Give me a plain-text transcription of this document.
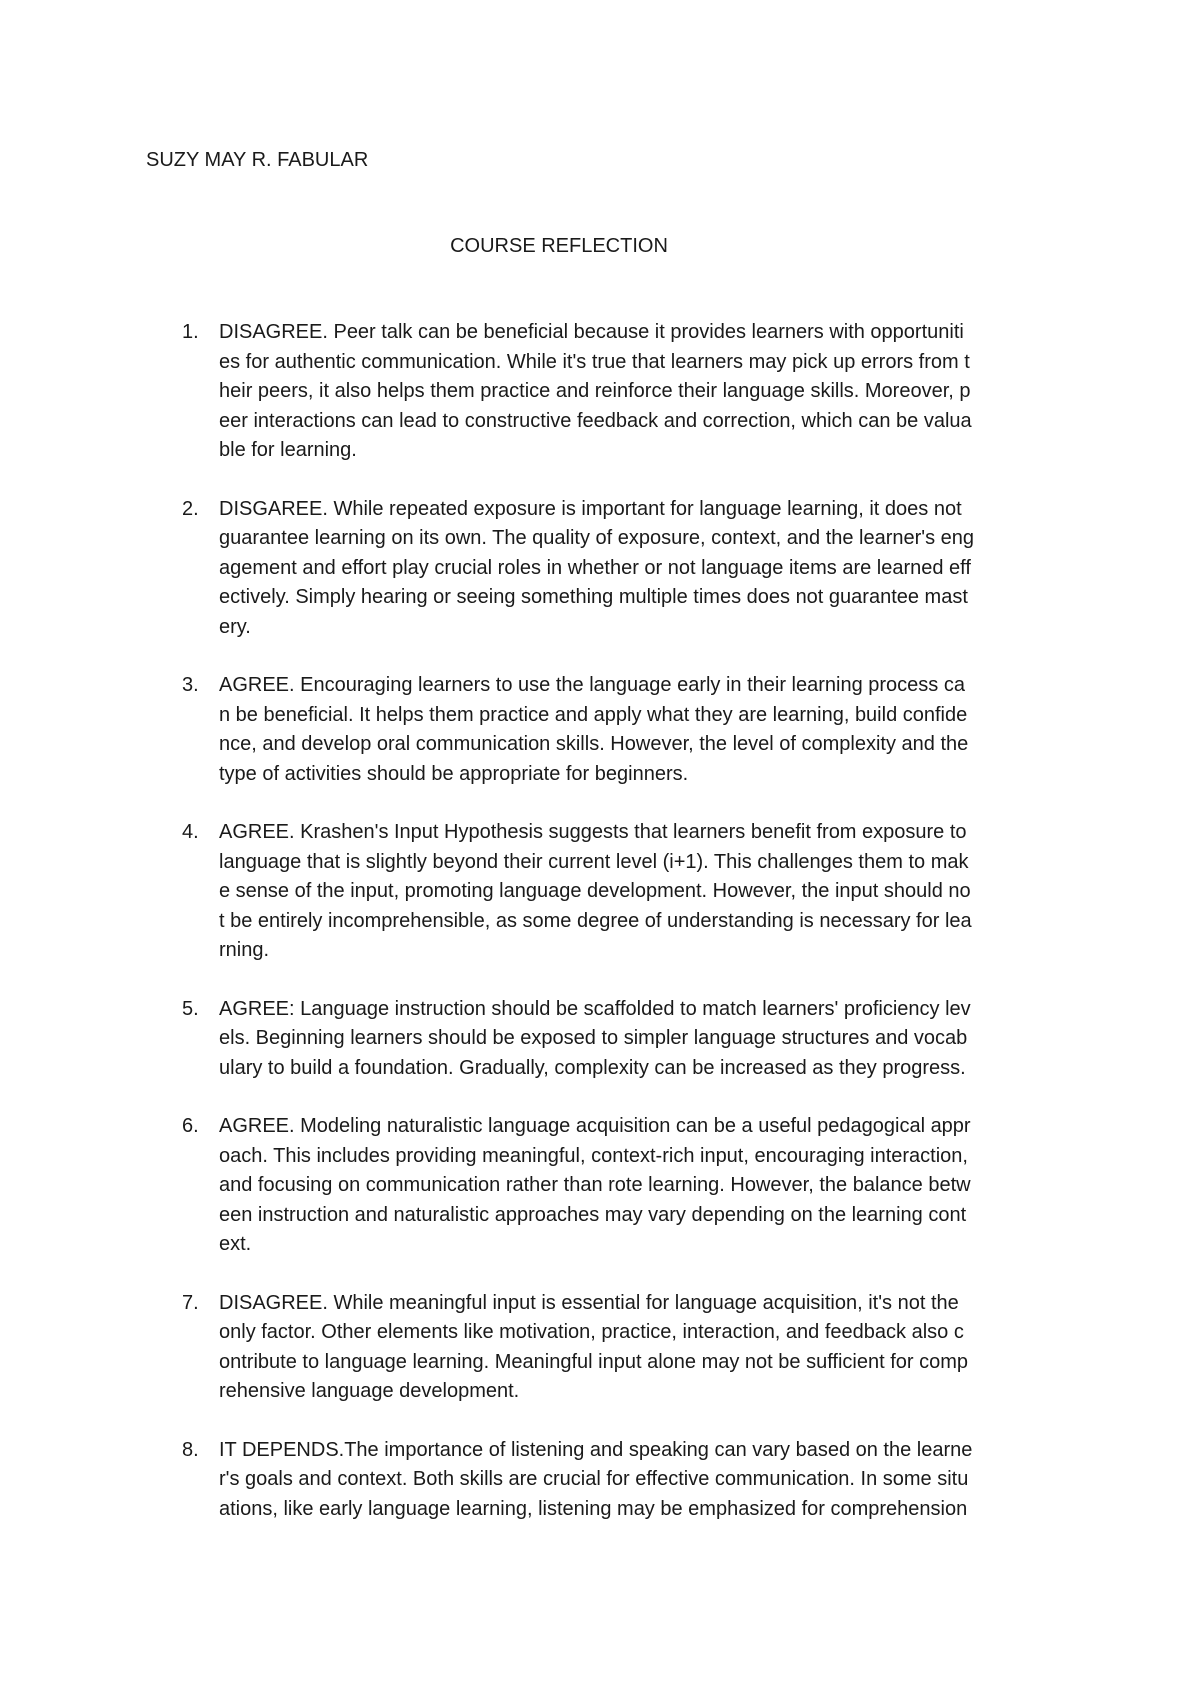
SUZY MAY R. FABULAR
COURSE REFLECTION
1. DISAGREE. Peer talk can be beneficial because it provides learners with opportuniti
es for authentic communication. While it's true that learners may pick up errors from t
heir peers, it also helps them practice and reinforce their language skills. Moreover, p
eer interactions can lead to constructive feedback and correction, which can be valua
ble for learning.
2. DISGAREE. While repeated exposure is important for language learning, it does not
guarantee learning on its own. The quality of exposure, context, and the learner's eng
agement and effort play crucial roles in whether or not language items are learned eff
ectively. Simply hearing or seeing something multiple times does not guarantee mast
ery.
3. AGREE. Encouraging learners to use the language early in their learning process ca
n be beneficial. It helps them practice and apply what they are learning, build confide
nce, and develop oral communication skills. However, the level of complexity and the
type of activities should be appropriate for beginners.
4. AGREE. Krashen's Input Hypothesis suggests that learners benefit from exposure to
language that is slightly beyond their current level (i+1). This challenges them to mak
e sense of the input, promoting language development. However, the input should no
t be entirely incomprehensible, as some degree of understanding is necessary for lea
rning.
5. AGREE: Language instruction should be scaffolded to match learners' proficiency lev
els. Beginning learners should be exposed to simpler language structures and vocab
ulary to build a foundation. Gradually, complexity can be increased as they progress.
6. AGREE. Modeling naturalistic language acquisition can be a useful pedagogical appr
oach. This includes providing meaningful, context-rich input, encouraging interaction,
and focusing on communication rather than rote learning. However, the balance betw
een instruction and naturalistic approaches may vary depending on the learning cont
ext.
7. DISAGREE. While meaningful input is essential for language acquisition, it's not the
only factor. Other elements like motivation, practice, interaction, and feedback also c
ontribute to language learning. Meaningful input alone may not be sufficient for comp
rehensive language development.
8. IT DEPENDS.The importance of listening and speaking can vary based on the learne
r's goals and context. Both skills are crucial for effective communication. In some situ
ations, like early language learning, listening may be emphasized for comprehension
